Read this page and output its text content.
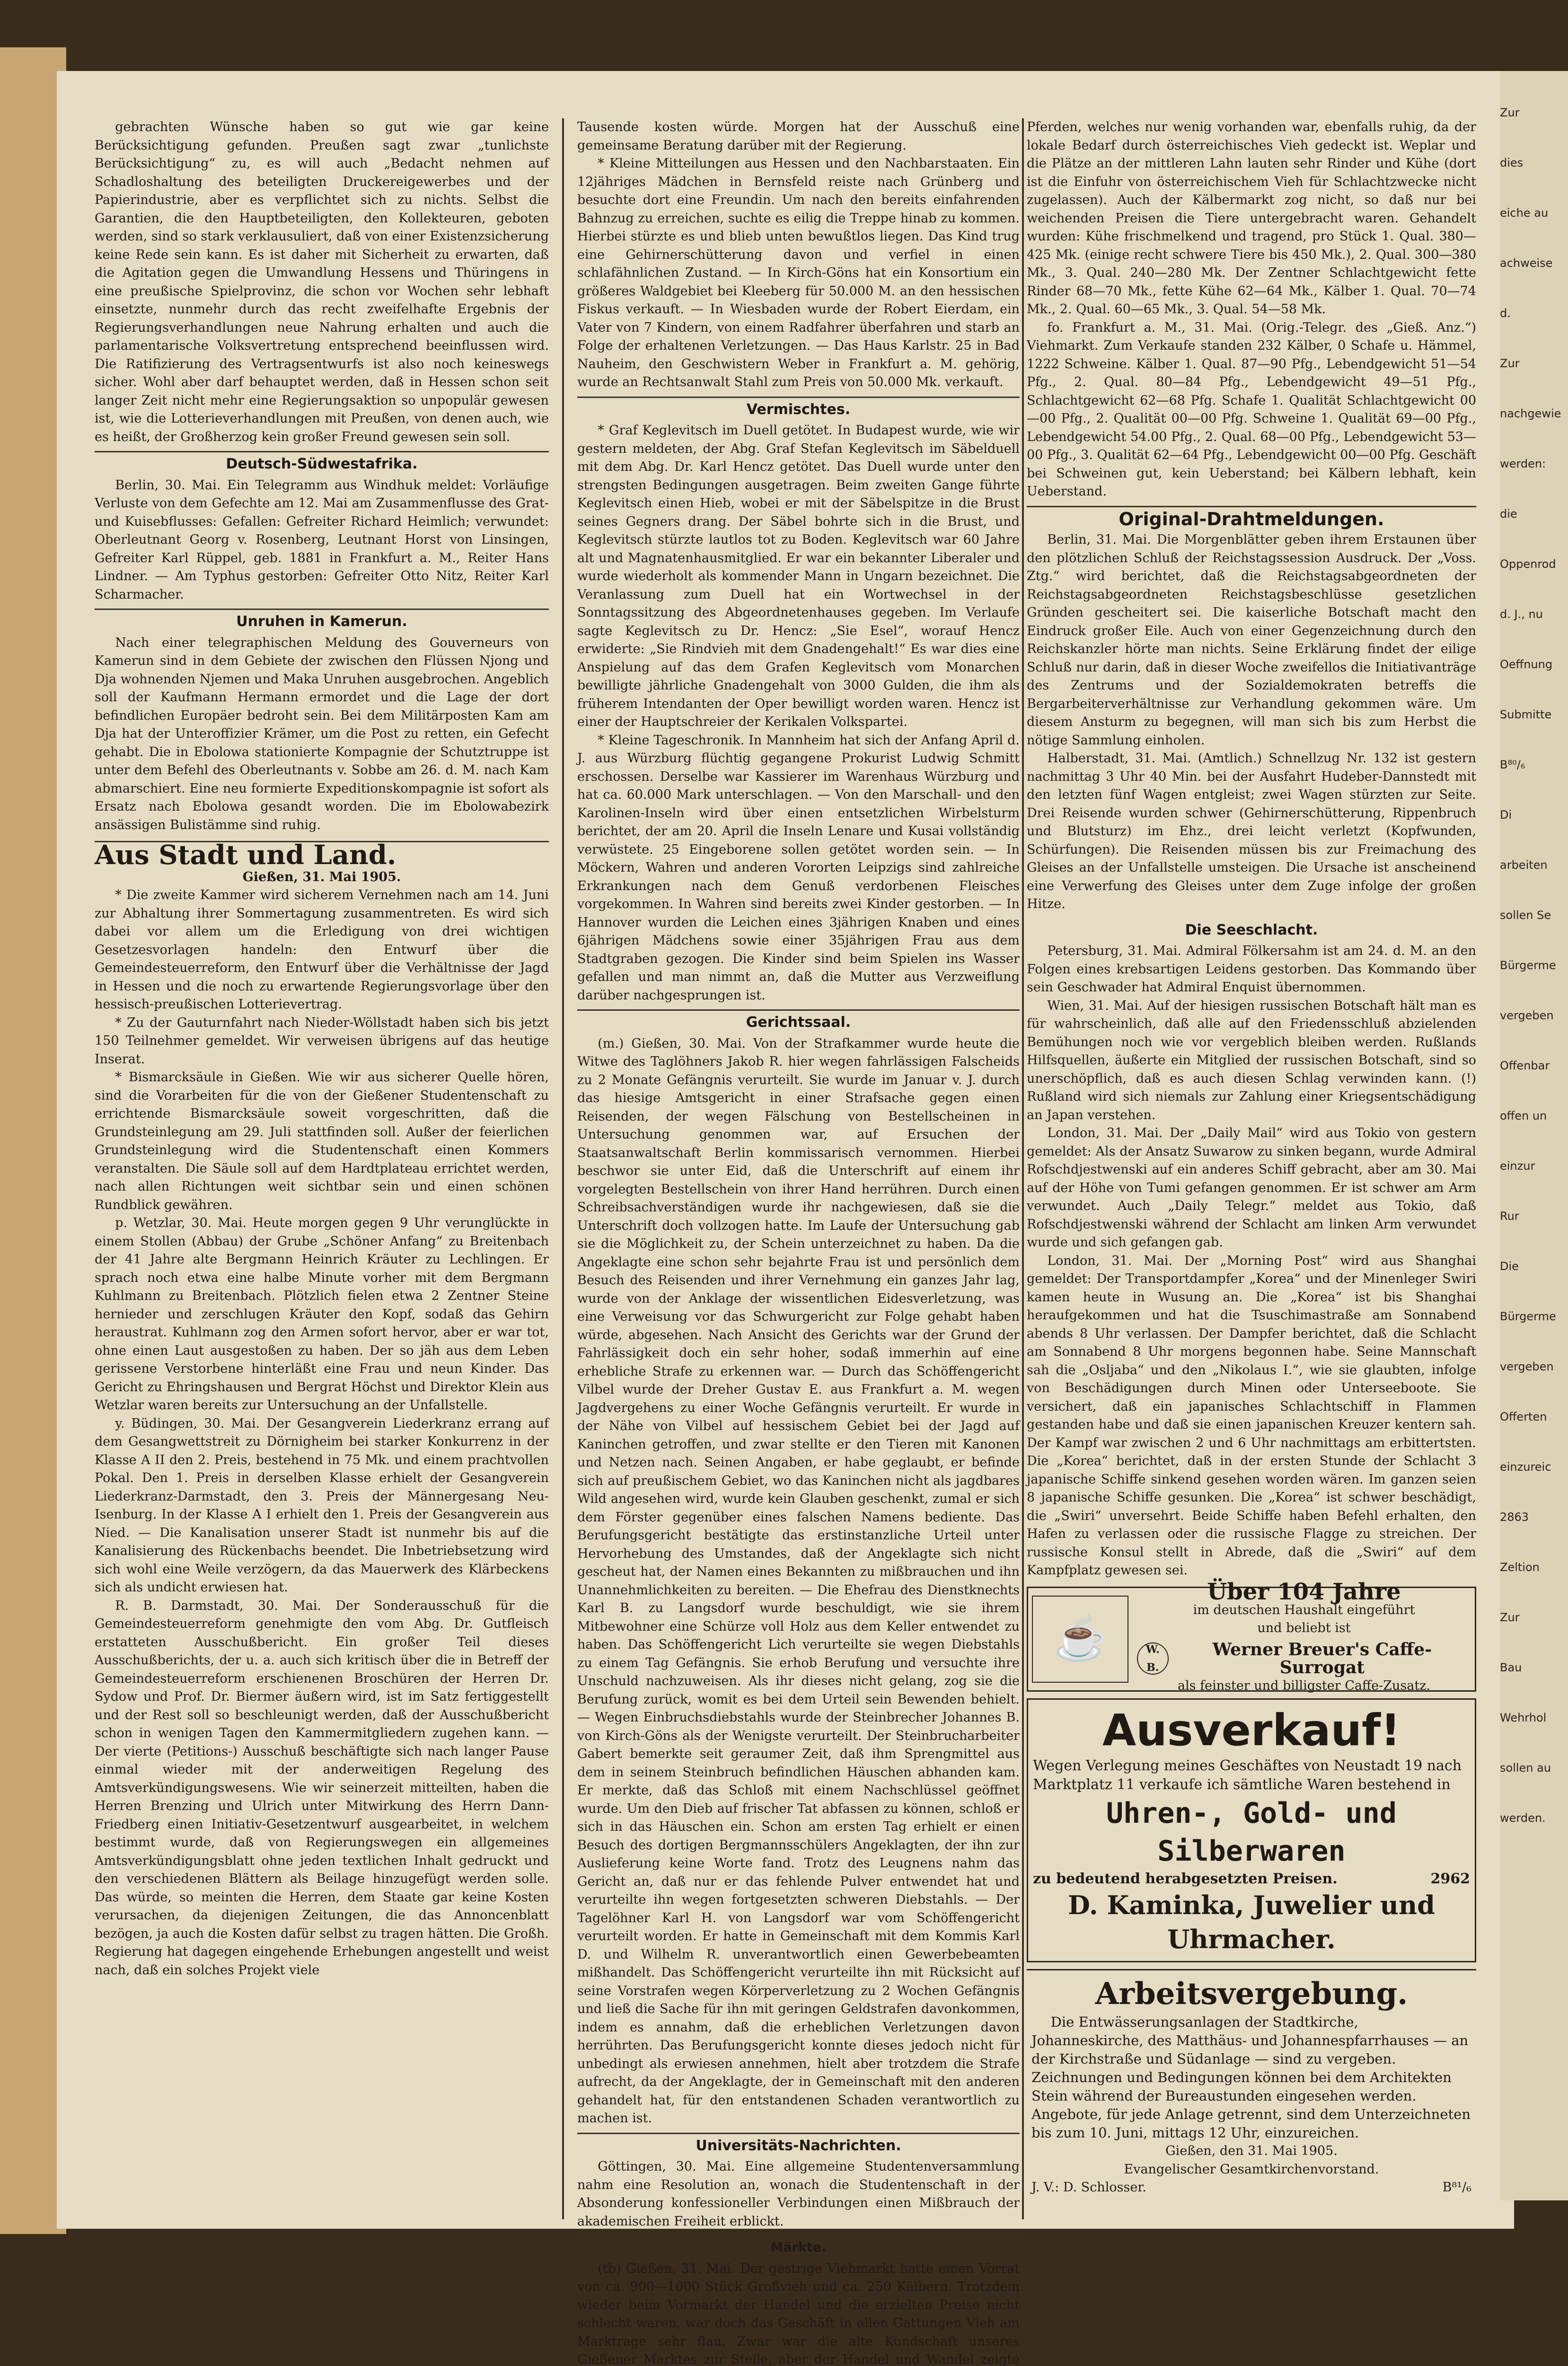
gebrachten Wünsche haben so gut wie gar keine Berücksichtigung gefunden. Preußen sagt zwar „tunlichste Berücksichtigung“ zu, es will auch „Bedacht nehmen auf Schadloshaltung des beteiligten Druckereigewerbes und der Papierindustrie, aber es verpflichtet sich zu nichts. Selbst die Garantien, die den Hauptbeteiligten, den Kollekteuren, geboten werden, sind so stark verklausuliert, daß von einer Existenzsicherung keine Rede sein kann. Es ist daher mit Sicherheit zu erwarten, daß die Agitation gegen die Umwandlung Hessens und Thüringens in eine preußische Spielprovinz, die schon vor Wochen sehr lebhaft einsetzte, nunmehr durch das recht zweifelhafte Ergebnis der Regierungsverhandlungen neue Nahrung erhalten und auch die parlamentarische Volksvertretung entsprechend beeinflussen wird. Die Ratifizierung des Vertragsentwurfs ist also noch keineswegs sicher. Wohl aber darf behauptet werden, daß in Hessen schon seit langer Zeit nicht mehr eine Regierungsaktion so unpopulär gewesen ist, wie die Lotterieverhandlungen mit Preußen, von denen auch, wie es heißt, der Großherzog kein großer Freund gewesen sein soll.

Deutsch-Südwestafrika.

Berlin, 30. Mai. Ein Telegramm aus Windhuk meldet: Vorläufige Verluste von dem Gefechte am 12. Mai am Zusammenflusse des Grat- und Kuisebflusses: Gefallen: Gefreiter Richard Heimlich; verwundet: Oberleutnant Georg v. Rosenberg, Leutnant Horst von Linsingen, Gefreiter Karl Rüppel, geb. 1881 in Frankfurt a. M., Reiter Hans Lindner. — Am Typhus gestorben: Gefreiter Otto Nitz, Reiter Karl Scharmacher.

Unruhen in Kamerun.

Nach einer telegraphischen Meldung des Gouverneurs von Kamerun sind in dem Gebiete der zwischen den Flüssen Njong und Dja wohnenden Njemen und Maka Unruhen ausgebrochen. Angeblich soll der Kaufmann Hermann ermordet und die Lage der dort befindlichen Europäer bedroht sein. Bei dem Militärposten Kam am Dja hat der Unteroffizier Krämer, um die Post zu retten, ein Gefecht gehabt. Die in Ebolowa stationierte Kompagnie der Schutztruppe ist unter dem Befehl des Oberleutnants v. Sobbe am 26. d. M. nach Kam abmarschiert. Eine neu formierte Expeditionskompagnie ist sofort als Ersatz nach Ebolowa gesandt worden. Die im Ebolowabezirk ansässigen Bulistämme sind ruhig.

Aus Stadt und Land.

Gießen, 31. Mai 1905.

* Die zweite Kammer wird sicherem Vernehmen nach am 14. Juni zur Abhaltung ihrer Sommertagung zusammentreten. Es wird sich dabei vor allem um die Erledigung von drei wichtigen Gesetzesvorlagen handeln: den Entwurf über die Gemeindesteuerreform, den Entwurf über die Verhältnisse der Jagd in Hessen und die noch zu erwartende Regierungsvorlage über den hessisch-preußischen Lotterievertrag.

* Zu der Gauturnfahrt nach Nieder-Wöllstadt haben sich bis jetzt 150 Teilnehmer gemeldet. Wir verweisen übrigens auf das heutige Inserat.

* Bismarcksäule in Gießen. Wie wir aus sicherer Quelle hören, sind die Vorarbeiten für die von der Gießener Studentenschaft zu errichtende Bismarcksäule soweit vorgeschritten, daß die Grundsteinlegung am 29. Juli stattfinden soll. Außer der feierlichen Grundsteinlegung wird die Studentenschaft einen Kommers veranstalten. Die Säule soll auf dem Hardtplateau errichtet werden, nach allen Richtungen weit sichtbar sein und einen schönen Rundblick gewähren.

p. Wetzlar, 30. Mai. Heute morgen gegen 9 Uhr verunglückte in einem Stollen (Abbau) der Grube „Schöner Anfang“ zu Breitenbach der 41 Jahre alte Bergmann Heinrich Kräuter zu Lechlingen. Er sprach noch etwa eine halbe Minute vorher mit dem Bergmann Kuhlmann zu Breitenbach. Plötzlich fielen etwa 2 Zentner Steine hernieder und zerschlugen Kräuter den Kopf, sodaß das Gehirn heraustrat. Kuhlmann zog den Armen sofort hervor, aber er war tot, ohne einen Laut ausgestoßen zu haben. Der so jäh aus dem Leben gerissene Verstorbene hinterläßt eine Frau und neun Kinder. Das Gericht zu Ehringshausen und Bergrat Höchst und Direktor Klein aus Wetzlar waren bereits zur Untersuchung an der Unfallstelle.

y. Büdingen, 30. Mai. Der Gesangverein Liederkranz errang auf dem Gesangwettstreit zu Dörnigheim bei starker Konkurrenz in der Klasse A II den 2. Preis, bestehend in 75 Mk. und einem prachtvollen Pokal. Den 1. Preis in derselben Klasse erhielt der Gesangverein Liederkranz-Darmstadt, den 3. Preis der Männergesang Neu-Isenburg. In der Klasse A I erhielt den 1. Preis der Gesangverein aus Nied. — Die Kanalisation unserer Stadt ist nunmehr bis auf die Kanalisierung des Rückenbachs beendet. Die Inbetriebsetzung wird sich wohl eine Weile verzögern, da das Mauerwerk des Klärbeckens sich als undicht erwiesen hat.

R. B. Darmstadt, 30. Mai. Der Sonderausschuß für die Gemeindesteuerreform genehmigte den vom Abg. Dr. Gutfleisch erstatteten Ausschußbericht. Ein großer Teil dieses Ausschußberichts, der u. a. auch sich kritisch über die in Betreff der Gemeindesteuerreform erschienenen Broschüren der Herren Dr. Sydow und Prof. Dr. Biermer äußern wird, ist im Satz fertiggestellt und der Rest soll so beschleunigt werden, daß der Ausschußbericht schon in wenigen Tagen den Kammermitgliedern zugehen kann. — Der vierte (Petitions-) Ausschuß beschäftigte sich nach langer Pause einmal wieder mit der anderweitigen Regelung des Amtsverkündigungswesens. Wie wir seinerzeit mitteilten, haben die Herren Brenzing und Ulrich unter Mitwirkung des Herrn Dann-Friedberg einen Initiativ-Gesetzentwurf ausgearbeitet, in welchem bestimmt wurde, daß von Regierungswegen ein allgemeines Amtsverkündigungsblatt ohne jeden textlichen Inhalt gedruckt und den verschiedenen Blättern als Beilage hinzugefügt werden solle. Das würde, so meinten die Herren, dem Staate gar keine Kosten verursachen, da diejenigen Zeitungen, die das Annoncenblatt bezögen, ja auch die Kosten dafür selbst zu tragen hätten. Die Großh. Regierung hat dagegen eingehende Erhebungen angestellt und weist nach, daß ein solches Projekt viele

Tausende kosten würde. Morgen hat der Ausschuß eine gemeinsame Beratung darüber mit der Regierung.

* Kleine Mitteilungen aus Hessen und den Nachbarstaaten. Ein 12jähriges Mädchen in Bernsfeld reiste nach Grünberg und besuchte dort eine Freundin. Um nach den bereits einfahrenden Bahnzug zu erreichen, suchte es eilig die Treppe hinab zu kommen. Hierbei stürzte es und blieb unten bewußtlos liegen. Das Kind trug eine Gehirnerschütterung davon und verfiel in einen schlafähnlichen Zustand. — In Kirch-Göns hat ein Konsortium ein größeres Waldgebiet bei Kleeberg für 50.000 M. an den hessischen Fiskus verkauft. — In Wiesbaden wurde der Robert Eierdam, ein Vater von 7 Kindern, von einem Radfahrer überfahren und starb an Folge der erhaltenen Verletzungen. — Das Haus Karlstr. 25 in Bad Nauheim, den Geschwistern Weber in Frankfurt a. M. gehörig, wurde an Rechtsanwalt Stahl zum Preis von 50.000 Mk. verkauft.

Vermischtes.

* Graf Keglevitsch im Duell getötet. In Budapest wurde, wie wir gestern meldeten, der Abg. Graf Stefan Keglevitsch im Säbelduell mit dem Abg. Dr. Karl Hencz getötet. Das Duell wurde unter den strengsten Bedingungen ausgetragen. Beim zweiten Gange führte Keglevitsch einen Hieb, wobei er mit der Säbelspitze in die Brust seines Gegners drang. Der Säbel bohrte sich in die Brust, und Keglevitsch stürzte lautlos tot zu Boden. Keglevitsch war 60 Jahre alt und Magnatenhausmitglied. Er war ein bekannter Liberaler und wurde wiederholt als kommender Mann in Ungarn bezeichnet. Die Veranlassung zum Duell hat ein Wortwechsel in der Sonntagssitzung des Abgeordnetenhauses gegeben. Im Verlaufe sagte Keglevitsch zu Dr. Hencz: „Sie Esel“, worauf Hencz erwiderte: „Sie Rindvieh mit dem Gnadengehalt!“ Es war dies eine Anspielung auf das dem Grafen Keglevitsch vom Monarchen bewilligte jährliche Gnadengehalt von 3000 Gulden, die ihm als früherem Intendanten der Oper bewilligt worden waren. Hencz ist einer der Hauptschreier der Kerikalen Volkspartei.

* Kleine Tageschronik. In Mannheim hat sich der Anfang April d. J. aus Würzburg flüchtig gegangene Prokurist Ludwig Schmitt erschossen. Derselbe war Kassierer im Warenhaus Würzburg und hat ca. 60.000 Mark unterschlagen. — Von den Marschall- und den Karolinen-Inseln wird über einen entsetzlichen Wirbelsturm berichtet, der am 20. April die Inseln Lenare und Kusai vollständig verwüstete. 25 Eingeborene sollen getötet worden sein. — In Möckern, Wahren und anderen Vororten Leipzigs sind zahlreiche Erkrankungen nach dem Genuß verdorbenen Fleisches vorgekommen. In Wahren sind bereits zwei Kinder gestorben. — In Hannover wurden die Leichen eines 3jährigen Knaben und eines 6jährigen Mädchens sowie einer 35jährigen Frau aus dem Stadtgraben gezogen. Die Kinder sind beim Spielen ins Wasser gefallen und man nimmt an, daß die Mutter aus Verzweiflung darüber nachgesprungen ist.

Gerichtssaal.

(m.) Gießen, 30. Mai. Von der Strafkammer wurde heute die Witwe des Taglöhners Jakob R. hier wegen fahrlässigen Falscheids zu 2 Monate Gefängnis verurteilt. Sie wurde im Januar v. J. durch das hiesige Amtsgericht in einer Strafsache gegen einen Reisenden, der wegen Fälschung von Bestellscheinen in Untersuchung genommen war, auf Ersuchen der Staatsanwaltschaft Berlin kommissarisch vernommen. Hierbei beschwor sie unter Eid, daß die Unterschrift auf einem ihr vorgelegten Bestellschein von ihrer Hand herrühren. Durch einen Schreibsachverständigen wurde ihr nachgewiesen, daß sie die Unterschrift doch vollzogen hatte. Im Laufe der Untersuchung gab sie die Möglichkeit zu, der Schein unterzeichnet zu haben. Da die Angeklagte eine schon sehr bejahrte Frau ist und persönlich dem Besuch des Reisenden und ihrer Vernehmung ein ganzes Jahr lag, wurde von der Anklage der wissentlichen Eidesverletzung, was eine Verweisung vor das Schwurgericht zur Folge gehabt haben würde, abgesehen. Nach Ansicht des Gerichts war der Grund der Fahrlässigkeit doch ein sehr hoher, sodaß immerhin auf eine erhebliche Strafe zu erkennen war. — Durch das Schöffengericht Vilbel wurde der Dreher Gustav E. aus Frankfurt a. M. wegen Jagdvergehens zu einer Woche Gefängnis verurteilt. Er wurde in der Nähe von Vilbel auf hessischem Gebiet bei der Jagd auf Kaninchen getroffen, und zwar stellte er den Tieren mit Kanonen und Netzen nach. Seinen Angaben, er habe geglaubt, er befinde sich auf preußischem Gebiet, wo das Kaninchen nicht als jagdbares Wild angesehen wird, wurde kein Glauben geschenkt, zumal er sich dem Förster gegenüber eines falschen Namens bediente. Das Berufungsgericht bestätigte das erstinstanzliche Urteil unter Hervorhebung des Umstandes, daß der Angeklagte sich nicht gescheut hat, der Namen eines Bekannten zu mißbrauchen und ihn Unannehmlichkeiten zu bereiten. — Die Ehefrau des Dienstknechts Karl B. zu Langsdorf wurde beschuldigt, wie sie ihrem Mitbewohner eine Schürze voll Holz aus dem Keller entwendet zu haben. Das Schöffengericht Lich verurteilte sie wegen Diebstahls zu einem Tag Gefängnis. Sie erhob Berufung und versuchte ihre Unschuld nachzuweisen. Als ihr dieses nicht gelang, zog sie die Berufung zurück, womit es bei dem Urteil sein Bewenden behielt. — Wegen Einbruchsdiebstahls wurde der Steinbrecher Johannes B. von Kirch-Göns als der Wenigste verurteilt. Der Steinbrucharbeiter Gabert bemerkte seit geraumer Zeit, daß ihm Sprengmittel aus dem in seinem Steinbruch befindlichen Häuschen abhanden kam. Er merkte, daß das Schloß mit einem Nachschlüssel geöffnet wurde. Um den Dieb auf frischer Tat abfassen zu können, schloß er sich in das Häuschen ein. Schon am ersten Tag erhielt er einen Besuch des dortigen Bergmannsschülers Angeklagten, der ihn zur Auslieferung keine Worte fand. Trotz des Leugnens nahm das Gericht an, daß nur er das fehlende Pulver entwendet hat und verurteilte ihn wegen fortgesetzten schweren Diebstahls. — Der Tagelöhner Karl H. von Langsdorf war vom Schöffengericht verurteilt worden. Er hatte in Gemeinschaft mit dem Kommis Karl D. und Wilhelm R. unverantwortlich einen Gewerbebeamten mißhandelt. Das Schöffengericht verurteilte ihn mit Rücksicht auf seine Vorstrafen wegen Körperverletzung zu 2 Wochen Gefängnis und ließ die Sache für ihn mit geringen Geldstrafen davonkommen, indem es annahm, daß die erheblichen Verletzungen davon herrührten. Das Berufungsgericht konnte dieses jedoch nicht für unbedingt als erwiesen annehmen, hielt aber trotzdem die Strafe aufrecht, da der Angeklagte, der in Gemeinschaft mit den anderen gehandelt hat, für den entstandenen Schaden verantwortlich zu machen ist.

Universitäts-Nachrichten.

Göttingen, 30. Mai. Eine allgemeine Studentenversammlung nahm eine Resolution an, wonach die Studentenschaft in der Absonderung konfessioneller Verbindungen einen Mißbrauch der akademischen Freiheit erblickt.

Märkte.

(tb) Gießen, 31. Mai. Der gestrige Viehmarkt hatte einen Vorrat von ca. 900—1000 Stück Großvieh und ca. 250 Kälbern. Trotzdem wieder beim Vormarkt der Handel und die erzielten Preise nicht schlecht waren, war doch das Geschäft in allen Gattungen Vieh am Marktrage sehr flau. Zwar war die alte Kundschaft unseres Gießener Marktes zur Stelle, aber der Handel und Wandel zeigte

Pferden, welches nur wenig vorhanden war, ebenfalls ruhig, da der lokale Bedarf durch österreichisches Vieh gedeckt ist. Weplar und die Plätze an der mittleren Lahn lauten sehr Rinder und Kühe (dort ist die Einfuhr von österreichischem Vieh für Schlachtzwecke nicht zugelassen). Auch der Kälbermarkt zog nicht, so daß nur bei weichenden Preisen die Tiere untergebracht waren. Gehandelt wurden: Kühe frischmelkend und tragend, pro Stück 1. Qual. 380—425 Mk. (einige recht schwere Tiere bis 450 Mk.), 2. Qual. 300—380 Mk., 3. Qual. 240—280 Mk. Der Zentner Schlachtgewicht fette Rinder 68—70 Mk., fette Kühe 62—64 Mk., Kälber 1. Qual. 70—74 Mk., 2. Qual. 60—65 Mk., 3. Qual. 54—58 Mk.

fo. Frankfurt a. M., 31. Mai. (Orig.-Telegr. des „Gieß. Anz.“) Viehmarkt. Zum Verkaufe standen 232 Kälber, 0 Schafe u. Hämmel, 1222 Schweine. Kälber 1. Qual. 87—90 Pfg., Lebendgewicht 51—54 Pfg., 2. Qual. 80—84 Pfg., Lebendgewicht 49—51 Pfg., Schlachtgewicht 62—68 Pfg. Schafe 1. Qualität Schlachtgewicht 00—00 Pfg., 2. Qualität 00—00 Pfg. Schweine 1. Qualität 69—00 Pfg., Lebendgewicht 54.00 Pfg., 2. Qual. 68—00 Pfg., Lebendgewicht 53—00 Pfg., 3. Qualität 62—64 Pfg., Lebendgewicht 00—00 Pfg. Geschäft bei Schweinen gut, kein Ueberstand; bei Kälbern lebhaft, kein Ueberstand.

Original-Drahtmeldungen.

Berlin, 31. Mai. Die Morgenblätter geben ihrem Erstaunen über den plötzlichen Schluß der Reichstagssession Ausdruck. Der „Voss. Ztg.“ wird berichtet, daß die Reichstagsabgeordneten der Reichstagsabgeordneten Reichstagsbeschlüsse gesetzlichen Gründen gescheitert sei. Die kaiserliche Botschaft macht den Eindruck großer Eile. Auch von einer Gegenzeichnung durch den Reichskanzler hörte man nichts. Seine Erklärung findet der eilige Schluß nur darin, daß in dieser Woche zweifellos die Initiativanträge des Zentrums und der Sozialdemokraten betreffs die Bergarbeiterverhältnisse zur Verhandlung gekommen wäre. Um diesem Ansturm zu begegnen, will man sich bis zum Herbst die nötige Sammlung einholen.

Halberstadt, 31. Mai. (Amtlich.) Schnellzug Nr. 132 ist gestern nachmittag 3 Uhr 40 Min. bei der Ausfahrt Hudeber-Dannstedt mit den letzten fünf Wagen entgleist; zwei Wagen stürzten zur Seite. Drei Reisende wurden schwer (Gehirnerschütterung, Rippenbruch und Blutsturz) im Ehz., drei leicht verletzt (Kopfwunden, Schürfungen). Die Reisenden müssen bis zur Freimachung des Gleises an der Unfallstelle umsteigen. Die Ursache ist anscheinend eine Verwerfung des Gleises unter dem Zuge infolge der großen Hitze.

Die Seeschlacht.

Petersburg, 31. Mai. Admiral Fölkersahm ist am 24. d. M. an den Folgen eines krebsartigen Leidens gestorben. Das Kommando über sein Geschwader hat Admiral Enquist übernommen.

Wien, 31. Mai. Auf der hiesigen russischen Botschaft hält man es für wahrscheinlich, daß alle auf den Friedensschluß abzielenden Bemühungen noch wie vor vergeblich bleiben werden. Rußlands Hilfsquellen, äußerte ein Mitglied der russischen Botschaft, sind so unerschöpflich, daß es auch diesen Schlag verwinden kann. (!) Rußland wird sich niemals zur Zahlung einer Kriegsentschädigung an Japan verstehen.

London, 31. Mai. Der „Daily Mail“ wird aus Tokio von gestern gemeldet: Als der Ansatz Suwarow zu sinken begann, wurde Admiral Rofschdjestwenski auf ein anderes Schiff gebracht, aber am 30. Mai auf der Höhe von Tumi gefangen genommen. Er ist schwer am Arm verwundet. Auch „Daily Telegr.“ meldet aus Tokio, daß Rofschdjestwenski während der Schlacht am linken Arm verwundet wurde und sich gefangen gab.

London, 31. Mai. Der „Morning Post“ wird aus Shanghai gemeldet: Der Transportdampfer „Korea“ und der Minenleger Swiri kamen heute in Wusung an. Die „Korea“ ist bis Shanghai heraufgekommen und hat die Tsuschimastraße am Sonnabend abends 8 Uhr verlassen. Der Dampfer berichtet, daß die Schlacht am Sonnabend 8 Uhr morgens begonnen habe. Seine Mannschaft sah die „Osljaba“ und den „Nikolaus I.“, wie sie glaubten, infolge von Beschädigungen durch Minen oder Unterseeboote. Sie versichert, daß ein japanisches Schlachtschiff in Flammen gestanden habe und daß sie einen japanischen Kreuzer kentern sah. Der Kampf war zwischen 2 und 6 Uhr nachmittags am erbittertsten. Die „Korea“ berichtet, daß in der ersten Stunde der Schlacht 3 japanische Schiffe sinkend gesehen worden wären. Im ganzen seien 8 japanische Schiffe gesunken. Die „Korea“ ist schwer beschädigt, die „Swiri“ unversehrt. Beide Schiffe haben Befehl erhalten, den Hafen zu verlassen oder die russische Flagge zu streichen. Der russische Konsul stellt in Abrede, daß die „Swiri“ auf dem Kampfplatz gewesen sei.

☕
Über 104 Jahre
im deutschen Haushalt eingeführt
und beliebt ist
W. B.
Werner Breuer's Caffe-Surrogat
als feinster und billigster Caffe-Zusatz.
Ausverkauf!
Wegen Verlegung meines Geschäftes von Neustadt 19 nach Marktplatz 11 verkaufe ich sämtliche Waren bestehend in
Uhren-, Gold- und Silberwaren
zu bedeutend herabgesetzten Preisen.	2962
D. Kaminka, Juwelier und Uhrmacher.
Arbeitsvergebung.
Die Entwässerungsanlagen der Stadtkirche, Johanneskirche, des Matthäus- und Johannespfarrhauses — an der Kirchstraße und Südanlage — sind zu vergeben. Zeichnungen und Bedingungen können bei dem Architekten Stein während der Bureaustunden eingesehen werden. Angebote, für jede Anlage getrennt, sind dem Unterzeichneten bis zum 10. Juni, mittags 12 Uhr, einzureichen.
Gießen, den 31. Mai 1905.
Evangelischer Gesamtkirchenvorstand.
J. V.: D. Schlosser.	B⁸¹/₆
Zur
dies
eiche au
achweise
d.
Zur
nachgewie
werden:
die
Oppenrod
d. J., nu
Oeffnung
Submitte
B⁸⁰/₆
Di
arbeiten
sollen Se
Bürgerme
vergeben
Offenbar
offen un
einzur
Rur
Die
Bürgerme
vergeben
Offerten
einzureic
2863
Zeltion
Zur
Bau
Wehrhol
sollen au
werden.
